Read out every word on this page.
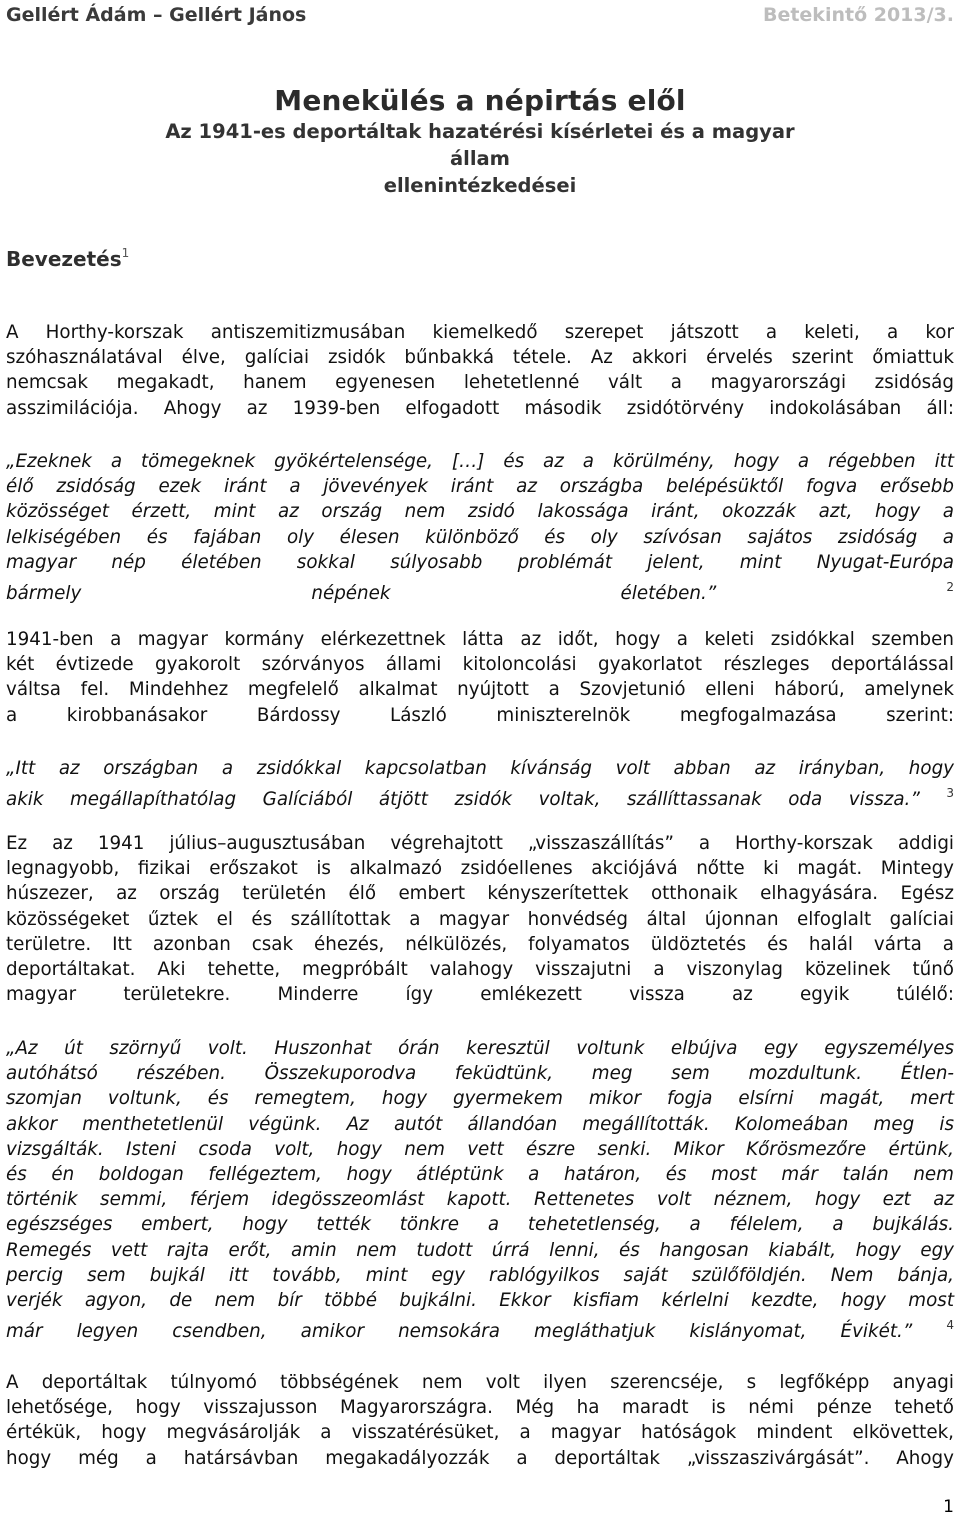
Gellért Ádám – Gellért János	Betekintő 2013/3.
Menekülés a népirtás elől
Az 1941-es deportáltak hazatérési kísérletei és a magyar állam
ellenintézkedései
Bevezetés$^1$
A Horthy-korszak antiszemitizmusában kiemelkedő szerepet játszott a keleti, a kor
szóhasználatával élve, galíciai zsidók bűnbakká tétele. Az akkori érvelés szerint őmiattuk
nemcsak megakadt, hanem egyenesen lehetetlenné vált a magyarországi zsidóság
asszimilációja. Ahogy az 1939-ben elfogadott második zsidótörvény indokolásában áll:
„Ezeknek a tömegeknek gyökértelensége, […] és az a körülmény, hogy a régebben itt
élő zsidóság ezek iránt a jövevények iránt az országba belépésüktől fogva erősebb
közösséget érzett, mint az ország nem zsidó lakossága iránt, okozzák azt, hogy a
lelkiségében és fajában oly élesen különböző és oly szívósan sajátos zsidóság a
magyar nép életében sokkal súlyosabb problémát jelent, mint Nyugat-Európa
bármely népének életében.”	$^2$
1941-ben a magyar kormány elérkezettnek látta az időt, hogy a keleti zsidókkal szemben
két évtizede gyakorolt szórványos állami kitoloncolási gyakorlatot részleges deportálással
váltsa fel. Mindehhez megfelelő alkalmat nyújtott a Szovjetunió elleni háború, amelynek
a kirobbanásakor Bárdossy László miniszterelnök megfogalmazása szerint:
„Itt az országban a zsidókkal kapcsolatban kívánság volt abban az irányban, hogy
akik megállapíthatólag Galíciából átjött zsidók voltak, szállíttassanak oda vissza.” $^3$
Ez az 1941 július–augusztusában végrehajtott „visszaszállítás” a Horthy-korszak addigi
legnagyobb, fizikai erőszakot is alkalmazó zsidóellenes akciójává nőtte ki magát. Mintegy
húszezer, az ország területén élő embert kényszerítettek otthonaik elhagyására. Egész
közösségeket űztek el és szállítottak a magyar honvédség által újonnan elfoglalt galíciai
területre. Itt azonban csak éhezés, nélkülözés, folyamatos üldöztetés és halál várta a
deportáltakat. Aki tehette, megpróbált valahogy visszajutni a viszonylag közelinek tűnő
magyar területekre. Minderre így emlékezett vissza az egyik túlélő:
„Az út szörnyű volt. Huszonhat órán keresztül voltunk elbújva egy egyszemélyes
autóhátsó részében. Összekuporodva feküdtünk, meg sem mozdultunk. Étlen-
szomjan voltunk, és remegtem, hogy gyermekem mikor fogja elsírni magát, mert
akkor menthetetlenül végünk. Az autót állandóan megállították. Kolomeában meg is
vizsgálták. Isteni csoda volt, hogy nem vett észre senki. Mikor Kőrösmezőre értünk,
és én boldogan fellégeztem, hogy átléptünk a határon, és most már talán nem
történik semmi, férjem idegösszeomlást kapott. Rettenetes volt néznem, hogy ezt az
egészséges embert, hogy tették tönkre a tehetetlenség, a félelem, a bujkálás.
Remegés vett rajta erőt, amin nem tudott úrrá lenni, és hangosan kiabált, hogy egy
percig sem bujkál itt tovább, mint egy rablógyilkos saját szülőföldjén. Nem bánja,
verjék agyon, de nem bír többé bujkálni. Ekkor kisfiam kérlelni kezdte, hogy most
már legyen csendben, amikor nemsokára megláthatjuk kislányomat, Évikét.”	$^4$
A deportáltak túlnyomó többségének nem volt ilyen szerencséje, s legfőképp anyagi
lehetősége, hogy visszajusson Magyarországra. Még ha maradt is némi pénze tehető
értékük, hogy megvásárolják a visszatérésüket, a magyar hatóságok mindent elkövettek,
hogy még a határsávban megakadályozzák a deportáltak „visszaszivárgását”. Ahogy
1
